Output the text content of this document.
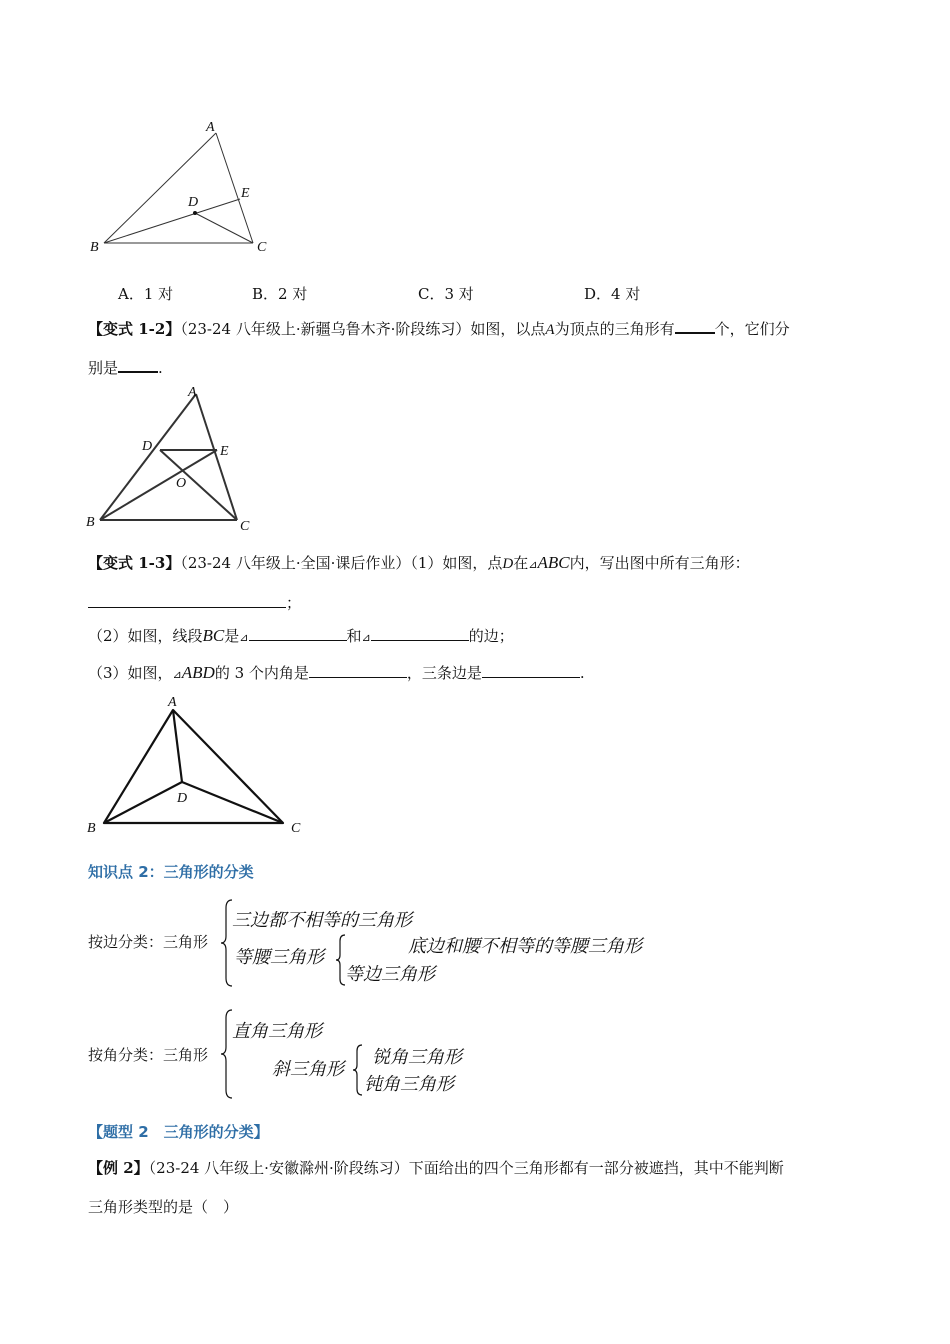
A
B	C
D
E
A．1 对	B．2 对	C．3 对	D．4 对
【变式 1-2】（23-24 八年级上·新疆乌鲁木齐·阶段练习）如图，以点A为顶点的三角形有	个，它们分
别是	.
A
B	C
D	E
O
【变式 1-3】（23-24 八年级上·全国·课后作业）（1）如图，点D在⊿ABC内，写出图中所有三角形：
；
（2）如图，线段BC是⊿	和⊿	的边；
（3）如图，⊿ABD的 3 个内角是	，三条边是	.
A
B	C
D
知识点 2：三角形的分类
按边分类：三角形
三边都不相等的三角形
等腰三角形
底边和腰不相等的等腰三角形
等边三角形
按角分类：三角形
直角三角形
斜三角形
锐角三角形
钝角三角形
【题型 2　三角形的分类】
【例 2】（23-24 八年级上·安徽滁州·阶段练习）下面给出的四个三角形都有一部分被遮挡，其中不能判断
三角形类型的是（　）
